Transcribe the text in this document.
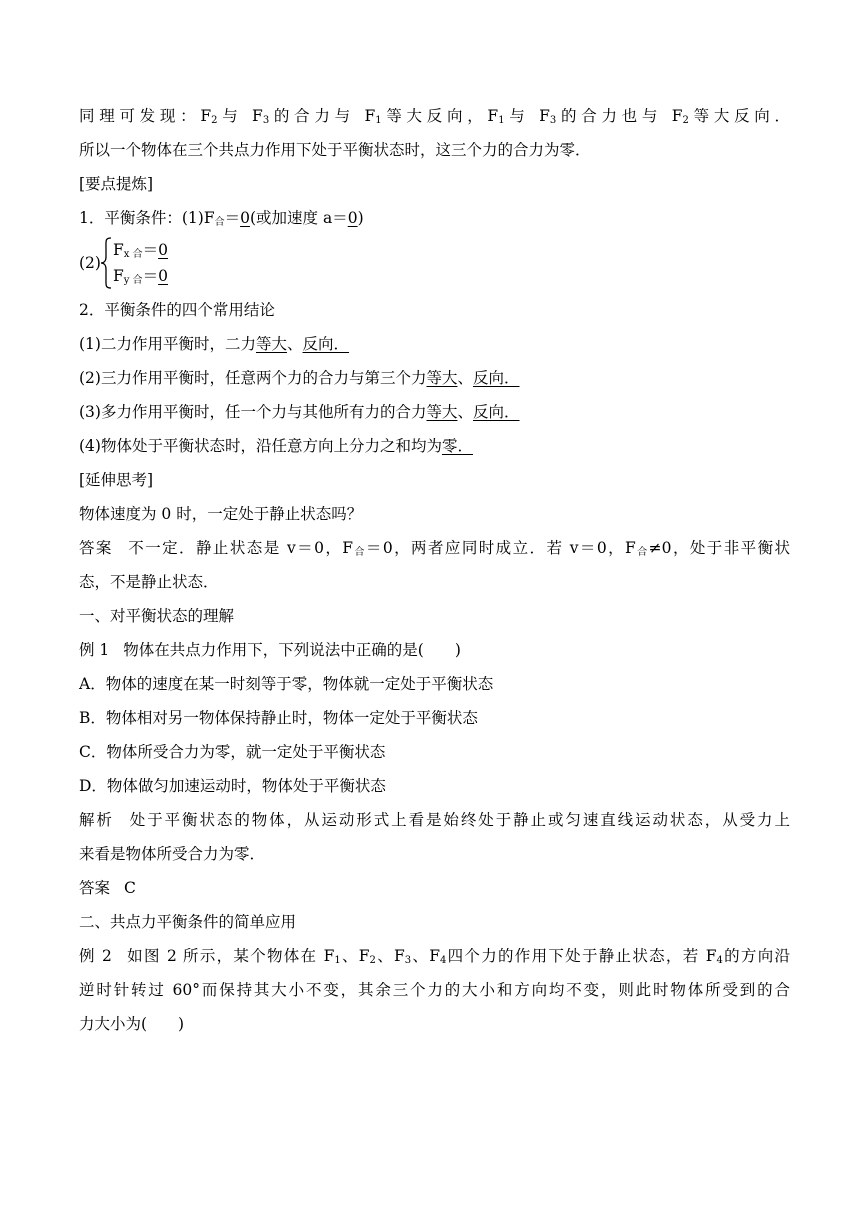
同理可发现：$F_2$与 $F_3$的合力与 $F_1$等大反向，$F_1$与 $F_3$的合力也与 $F_2$等大反向．
所以一个物体在三个共点力作用下处于平衡状态时，这三个力的合力为零．
[要点提炼]
1．平衡条件：$(1)F_合=0$(或加速度 a＝0)
(2)
$F_{x 合}=0$
$F_{y 合}=0$
2．平衡条件的四个常用结论
(1)二力作用平衡时，二力等大、反向．
(2)三力作用平衡时，任意两个力的合力与第三个力等大、反向．
(3)多力作用平衡时，任一个力与其他所有力的合力等大、反向．
(4)物体处于平衡状态时，沿任意方向上分力之和均为零．
[延伸思考]
物体速度为 0 时，一定处于静止状态吗？
答案 不一定．静止状态是 v＝0，$F_合=0$，两者应同时成立．若 v＝0，$F_合\ne 0$，处于非平衡状
态，不是静止状态．
一、对平衡状态的理解
例 1 物体在共点力作用下，下列说法中正确的是(　　)
A．物体的速度在某一时刻等于零，物体就一定处于平衡状态
B．物体相对另一物体保持静止时，物体一定处于平衡状态
C．物体所受合力为零，就一定处于平衡状态
D．物体做匀加速运动时，物体处于平衡状态
解析 处于平衡状态的物体，从运动形式上看是始终处于静止或匀速直线运动状态，从受力上
来看是物体所受合力为零．
答案 C
二、共点力平衡条件的简单应用
例 2 如图 2 所示，某个物体在 $F_1$、$F_2$、$F_3$、$F_4$四个力的作用下处于静止状态，若 $F_4$的方向沿
逆时针转过 60°而保持其大小不变，其余三个力的大小和方向均不变，则此时物体所受到的合
力大小为(　　)
